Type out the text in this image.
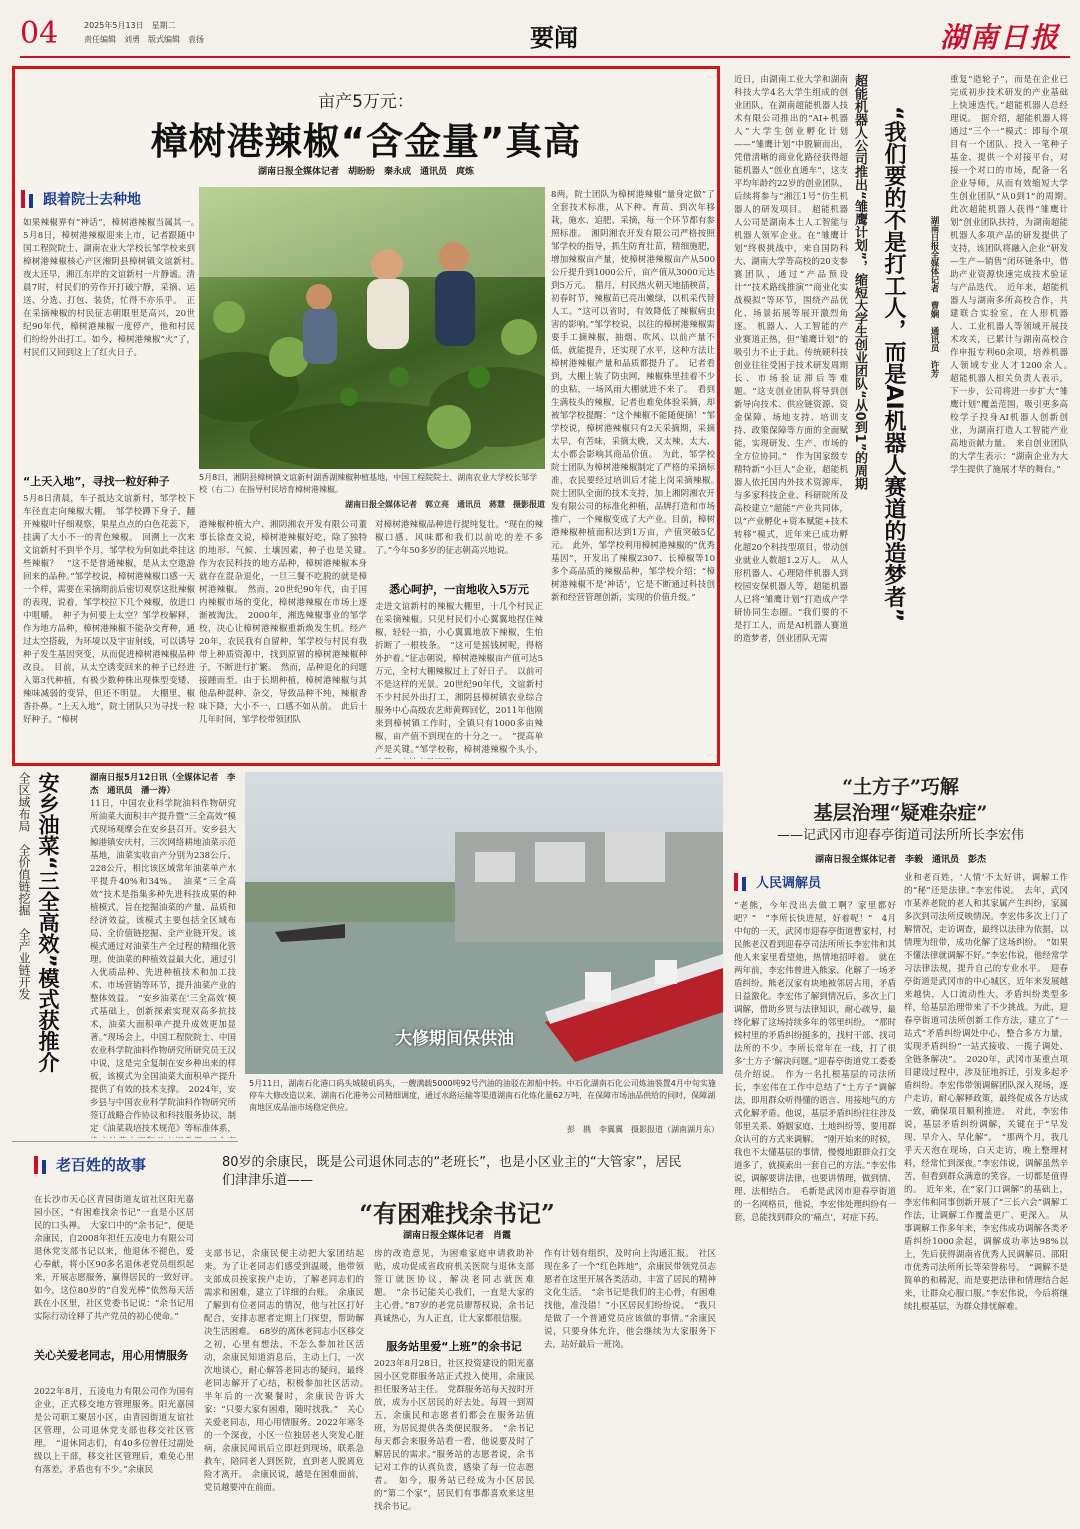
04	2025年5月13日　星期二
责任编辑　刘勇　版式编辑　袁扬	要闻	湖南日报
亩产5万元：
樟树港辣椒“含金量”真高
湖南日报全媒体记者　胡盼盼　秦永成　通讯员　庹炼
跟着院士去种地
如果辣椒界有“神话”，樟树港辣椒当属其一。　5月8日，樟树港辣椒迎来上市，记者跟随中国工程院院士、湖南农业大学校长邹学校来到樟树港辣椒核心产区湘阴县樟树镇文谊新村。　夜太还早，湘江东岸的文谊新村一片静谧。清晨7时，村民们的劳作开打破宁静，采摘、运送、分选、打包、装货，忙得不亦乐乎。　正在采摘辣椒的村民征志朝眼里是高兴，20世纪90年代，樟树港辣椒一度停产，他和村民们纷纷外出打工。如今，樟树港辣椒“火”了，村民们又回到这上了红火日子。
“上天入地”，寻找一粒好种子
5月8日清晨，车子抵达文谊新村，邹学校下车径直走向辣椒大棚。　邹学校蹲下身子，翻开辣椒叶仔细观察，果星点点的白色花蕊下，挂满了大小不一的青色辣椒。　回溯上一次来文谊新村不到半个月，邹学校为何如此牵挂这些辣椒？　“这不是普通辣椒，是从太空遨游回来的品种。”邹学校说，樟树港辣椒口感一天一个样，需要在采摘期前后密切观察这批辣椒的表现，说着，邹学校拉下几个辣椒，放进口中咀嚼。　种子为何要上太空？邹学校解释，作为地方品种，樟树港辣椒不能杂交育种，通过太空搭载，为环境以及宇宙射线，可以诱导种子发生基因突变，从而促进樟树港辣椒品种改良。　目前，从太空诱变回来的种子已经进入第3代种植，有极少数种株出现株型变矮、辣味减弱的变异，但还不明显。　大棚里，椒香扑鼻。“上天入地”，院士团队只为寻找一粒好种子。“樟树
5月8日，湘阴县樟树镇文谊新村湖香湖辣椒种植基地，中国工程院院士、湖南农业大学校长邹学校（右二）在指导村民培育樟树港辣椒。
湖南日报全媒体记者　郭立亮　通讯员　蒋慧　摄影报道
港辣椒种植大户、湘阴湘农开发有限公司董事长徐查文说，樟树港辣椒好吃，除了独特的地形、气候、土壤因素，种子也是关键。　作为农民科技的地方品种，樟树港辣椒本身就存在混杂退化，一旦三餐不吃脱的就是樟树港辣椒。　然而，20世纪90年代，由于国内辣椒市场的变化，樟树港辣椒在市场上逐渐被淘汰。　2000年，湘选辣椒事业的邹学校，决心让樟树港辣椒重新焕发生机。经产20年，农民我有自留种，邹学校与村民有我带上种质资源中，找到原留的樟树港辣椒种子，不断进行扩繁。　然而，品种退化的问题接踵而至。由于长期种植，樟树港辣椒与其他品种混种、杂交，导致品种不纯，辣椒香味下降，大小不一，口感不如从前。　此后十几年时间，邹学校带领团队
对樟树港辣椒品种进行提纯复壮。“现在的辣椒口感、风味都和我们以前吃的差不多了。”今年50多岁的征志朝高兴地说。
悉心呵护，一亩地收入5万元
走进文谊新村的辣椒大棚里，十几个村民正在采摘辣椒。只见村民们小心翼翼地捏住辣椒，轻轻一掐，小心翼翼地放下辣椒，生怕折断了一根枝条。　“这可是摇钱树呢，得格外护着。”征志朝说，樟树港辣椒亩产值可达5万元，全村大棚辣椒过上了好日子。　以前可不是这样的光景。20世纪90年代，文谊新村不少村民外出打工，湘阴县樟树镇农业综合服务中心高级农艺师黄辉回忆，2011年他刚来到樟树镇工作时，全镇只有1000多亩辣椒，亩产值不到现在的十分之一。　“提高单产是关键。”邹学校称，樟树港辣椒个头小，
8两，院士团队为樟树港辣椒“量身定做”了全套技术标准，从下种、育苗、到次年移栽，施水、追肥、采摘，每一个环节都有参照标准。　湘阴湘农开发有限公司严格按照邹学校的指导，抓生防育壮苗，精细施肥，增加辣椒亩产量，使樟树港辣椒亩产从500公斤提升到1000公斤，亩产值从3000元达到5万元。　腊月，村民热火朝天地插秧苗，初春时节，辣椒苗已亮出嫩绿，以机采代替人工。“这可以省时，有效降低了辣椒病虫害的影响。”邹学校说，以往的樟树港辣椒需要手工摘辣椒，抽烟、吹风、以前产量不低，就能提升，还实现了水平，这种方法让樟树港辣椒产量和品质都提升了。　记者看到，大棚上装了防虫网，辣椒株里挂着不少的虫粘，一场风雨大棚就进不来了。　看到生满枝头的辣椒，记者也难免体验采摘，却被邹学校提醒：“这个辣椒不能随便摘！”邹学校说，樟树港辣椒只有2天采摘期，采摘太早，有苦味，采摘太晚，又太辣，太大、太小都会影响其商品价值。　为此，邹学校院士团队为樟树港辣椒制定了严格的采摘标准，农民要经过培训后才能上岗采摘辣椒。　院士团队全面的技术支持，加上湘阴湘农开发有限公司的标准化种植，品牌打造和市场推广，一个辣椒变成了大产业。目前，樟树港辣椒种植面积达到1万亩，产值突破5亿元。　此外，邹学校利用樟树港辣椒的“优秀基因”，开发出了辣椒2307、长樟椒等10多个高品质的辣椒品种，邹学校介绍：“樟树港辣椒不是‘神话’，它是不断通过科技创新和经营管理创新，实现的价值升级。”
近日，由湖南工业大学和湖南科技大学4名大学生组成的创业团队，在湖南超能机器人技术有限公司推出的“AI+机器人”大学生创业孵化计划——“雏鹰计划”中脱颖而出，凭借清晰的商业化路径获得超能机器人“创业直通车”，这支平均年龄约22岁的创业团队，后续将参与“湘江1号”仿生机器人的研发项目。　超能机器人公司是湖南本土人工智能与机器人领军企业。在“雏鹰计划”终极挑战中，来自国防科大、湖南大学等高校的20支参赛团队，通过“产品预设计”“技术路线推演”“商业化实战模拟”等环节，围绕产品优化、场景拓展等展开激烈角逐。　机器人、人工智能的产业赛道正热，但“雏鹰计划”的吸引力不止于此。传统硬科技创业往往受困于技术研发周期长、市场验证滞后等难题。“这支创业团队将导到创新导向技术、供应链资源、资金保障、场地支持、培训支持、政策保障等方面的全面赋能，实现研发、生产、市场的全方位协同。”　作为国家级专精特新“小巨人”企业，超能机器人依托国内外技术资源库，与多家科技企业、科研院所及高校建立“超能”产业共同体，以“产业孵化+资本赋能+技术转移”模式，近年来已成功孵化超20个科技型项目，带动创业就业人数超1.2万人。　从人形机器人、心理陪伴机器人到校园安保机器人等，超能机器人已将“雏鹰计划”打造成产学研协同生态圈。“我们要的不是打工人，而是AI机器人赛道的造梦者，创业团队无需
超能机器人公司推出“雏鹰计划”，缩短大学生创业团队“从0到1”的周期 “我们要的不是打工人，而是AI机器人赛道的造梦者”	湖南日报全媒体记者　曹娴　通讯员　许芳
重复“造轮子”，而是在企业已完成初步技术研发的产业基础上快速迭代。”超能机器人总经理说。　据介绍，超能机器人将通过“三个一”模式：即每个项目有一个团队、投入一笔种子基金、提供一个对接平台，对接一个对口的市场，配备一名企业导师，从而有效缩短大学生创业团队“从0到1”的周期。　此次超能机器人获得“雏鹰计划”创业团队扶持，为湖南超能机器人多项产品的研发提供了支持，该团队将融入企业“研发—生产—销售”闭环链条中，借助产业资源快速完成技术验证与产品迭代。　近年来，超能机器人与湖南多所高校合作，共建联合实验室，在人形机器人、工业机器人等领域开展技术攻关，已累计与湖南高校合作申报专利60余项，培养机器人领域专业人才1200余人。　超能机器人相关负责人表示，下一步，公司将进一步扩大“雏鹰计划”覆盖范围，吸引更多高校学子投身AI机器人创新创业，为湖南打造人工智能产业高地贡献力量。　来自创业团队的大学生表示：“湖南企业为大学生提供了施展才华的舞台。”
全区域布局　全价值链挖掘　全产业链开发 安乡油菜“三全高效”模式获推介	湖南日报5月12日讯（全媒体记者　李杰　通讯员　潘一涛）
11日，中国农业科学院油料作物研究所油菜大面积丰产提升暨“三全高效”模式现场观摩会在安乡县召开。安乡县大鲸港镇安庆村，三次网络耕地油菜示范基地，油菜实收亩产分别为238公斤、228公斤，相比该区域常年油菜单产水平提升40%和34%。　油菜“三全高效”技术是指集多种先进科技成果的种植模式，旨在挖掘油菜的产量、品质和经济效益，该模式主要包括全区域布局、全价值链挖掘、全产业链开发。该模式通过对油菜生产全过程的精细化管理，使油菜的种植效益最大化，通过引入优质品种、先进种植技术和加工技术、市场营销等环节，提升油菜产业的整体效益。　“安乡油菜在‘三全高效’模式基础上，创新探索实现双高多抗技术，油菜大面积单产提升成效更加显著。”现场会上，中国工程院院士、中国农业科学院油料作物研究所研究员王汉中说，这是完全复制在安乡种出来的样板，该模式为全国油菜大面积单产提升提供了有效的技术支撑。　2024年，安乡县与中国农业科学院油料作物研究所签订战略合作协议和科技服务协议，制定《油菜栽培技术规范》等标准体系，
大修期间保供油
5月11日，湖南石化港口码头城陵矶码头，一艘满载5000吨92号汽油的油驳在卸船中转。中石化湖南石化公司炼油装置4月中旬实施停车大修改造以来，湖南石化港务公司精细调度，通过水路运输等渠道湖南石化炼化量62万吨，在保障市场油品供给的同时，保障湖南地区成品油市场稳定供应。
彭　戡　李翼翼　摄影报道（湖南湖月东）
“土方子”巧解
基层治理“疑难杂症”
——记武冈市迎春亭街道司法所所长李宏伟
湖南日报全媒体记者　李毅　通讯员　彭杰
人民调解员
“老熊，今年没出去做工啊？家里都好吧？”　“李所长快进屋，好着呢！”　4月中旬的一天，武冈市迎春亭街道曹家村，村民熊老汉看到迎春亭司法所所长李宏伟和其他人来家里看望他，热情地招呼着。　就在两年前，李宏伟曾进入熊家，化解了一场矛盾纠纷。熊老汉家有块地被邻居占用，矛盾日益激化。李宏伟了解到情况后，多次上门调解，借助乡贤与法律知识，耐心疏导，最终化解了这场持续多年的邻里纠纷。　“那时候村里的矛盾纠纷挺多的，找村干部、找司法所的不少。李所长常年在一线，打了很多‘土方子’解决问题。”迎春亭街道党工委委员介绍说。　作为一名扎根基层的司法所长，李宏伟在工作中总结了“土方子”调解法，即用群众听得懂的语言、用接地气的方式化解矛盾。他说，基层矛盾纠纷往往涉及邻里关系、婚姻家庭、土地纠纷等，要用群众认可的方式来调解。　“刚开始来的时候，我也不太懂基层的事情，慢慢地跟群众打交道多了，就摸索出一套自己的方法。”李宏伟说，调解要讲法律，也要讲情理，做到情、理、法相结合。　毛新是武冈市迎春亭街道的一名网格员，他说，李宏伟处理纠纷有一套，总能找到群众的‘痛点’，对症下药。
业和老百姓，‘人情’不太好讲，调解工作的“秘”还是法律。”李宏伟说。　去年，武冈市某养老院的老人和其家属产生纠纷，家属多次到司法所反映情况。李宏伟多次上门了解情况，走访调查，最终以法律为依据，以情理为纽带，成功化解了这场纠纷。　“如果不懂法律就调解不好。”李宏伟说，他经常学习法律法规，提升自己的专业水平。　迎春亭街道是武冈市的中心城区，近年来发展越来越快，人口流动性大，矛盾纠纷类型多样，给基层治理带来了不少挑战。为此，迎春亭街道司法所创新工作方法，建立了“一站式”矛盾纠纷调处中心，整合多方力量，实现矛盾纠纷“一站式接收、一揽子调处、全链条解决”。　2020年，武冈市某重点项目建设过程中，涉及征地拆迁，引发多起矛盾纠纷。李宏伟带领调解团队深入现场，逐户走访，耐心解释政策，最终促成各方达成一致，确保项目顺利推进。　对此，李宏伟说，基层矛盾纠纷调解，关键在于“早发现、早介入、早化解”。　“那两个月，我几乎天天泡在现场，白天走访，晚上整理材料，经常忙到深夜。”李宏伟说，调解虽然辛苦，但看到群众满意的笑容，一切都是值得的。　近年来，在“家门口调解”的基础上，李宏伟和同事创新开展了“三长六会”调解工作法，让调解工作覆盖更广、更深入。　从事调解工作多年来，李宏伟成功调解各类矛盾纠纷1000余起，调解成功率达98%以上，先后获得湖南省优秀人民调解员、邵阳市优秀司法所所长等荣誉称号。　“调解不是简单的和稀泥，而是要把法律和情理结合起来，让群众心服口服。”李宏伟说，今后将继续扎根基层，为群众排忧解难。
老百姓的故事	80岁的余康民，既是公司退休同志的“老班长”，也是小区业主的“大管家”，居民们津津乐道——
“有困难找余书记”
湖南日报全媒体记者　肖霞
在长沙市天心区青园街道友谊社区阳光嘉园小区，“有困难找余书记”一直是小区居民的口头禅。　大家口中的“余书记”，便是余康民，自2008年担任五凌电力有限公司退休党支部书记以来，他退休不褪色，爱心奉献，将小区90多名退休老党员组织起来，开展志愿服务，赢得居民的一致好评。　如今，这位80岁的“自发光棒”依然每天活跃在小区里，社区党委书记说：“余书记用实际行动诠释了共产党员的初心使命。”
关心关爱老同志，用心用情服务
2022年8月，五凌电力有限公司作为国有企业，正式移交地方管理服务。阳光嘉园是公司职工聚居小区，由青园街道友谊社区管理，公司退休党支部也移交社区管理。　“退休同志们，有40多位曾任过副处级以上干部，移交社区管理后，难免心里有落差，矛盾也有不少。”余康民
支部书记，余康民便主动把大家团结起来。为了让老同志们感受到温暖，他带领支部成员挨家挨户走访，了解老同志们的需求和困难，建立了详细的台账。　余康民了解到有位老同志的情况，他与社区打好配合，安排志愿者定期上门探望，帮助解决生活困难。　68岁的离休老同志小区移交之初，心里有想法，不怎么参加社区活动，余康民知道消息后，主动上门，一次次地谈心，耐心解答老同志的疑问，最终老同志解开了心结，积极参加社区活动。　半年后的一次聚餐时，余康民告诉大家：“只要大家有困难，随时找我。”　关心关爱老同志，用心用情服务。2022年寒冬的一个深夜，小区一位独居老人突发心脏病，余康民闻讯后立即赶到现场，联系急救车，陪同老人到医院，直到老人脱离危险才离开。　余康民说，越是在困难面前，党员越要冲在前面。
房的改造意见，为困难家庭申请救助补贴，成功促成省政府机关医院与退休支部签订就医协议，解决老同志就医难题。　“余书记能关心我们，一直是大家的主心骨。”87岁的老党员廖帮权说，余书记真诚热心，为人正直，让大家都很信服。
服务站里爱“上班”的余书记
2023年8月28日，社区投资建设的阳光嘉园小区党群服务站正式投入使用，余康民担任服务站主任。　党群服务站每天按时开放，成为小区居民的好去处。每周一到周五，余康民和志愿者们都会在服务站值班，为居民提供各类便民服务。　“余书记每天都会来服务站看一看，他说要及时了解居民的需求。”服务站的志愿者说，余书记对工作的认真负责，感染了每一位志愿者。　如今，服务站已经成为小区居民的“第二个家”，居民们有事都喜欢来这里找余书记。
作有计划有组织，及时向上沟通汇报。　社区现在多了一个“红色阵地”，余康民带领党员志愿者在这里开展各类活动，丰富了居民的精神文化生活。　“余书记是我们的主心骨，有困难找他，准没错！”小区居民们纷纷说。　“我只是做了一个普通党员应该做的事情。”余康民说，只要身体允许，他会继续为大家服务下去，站好最后一班岗。
